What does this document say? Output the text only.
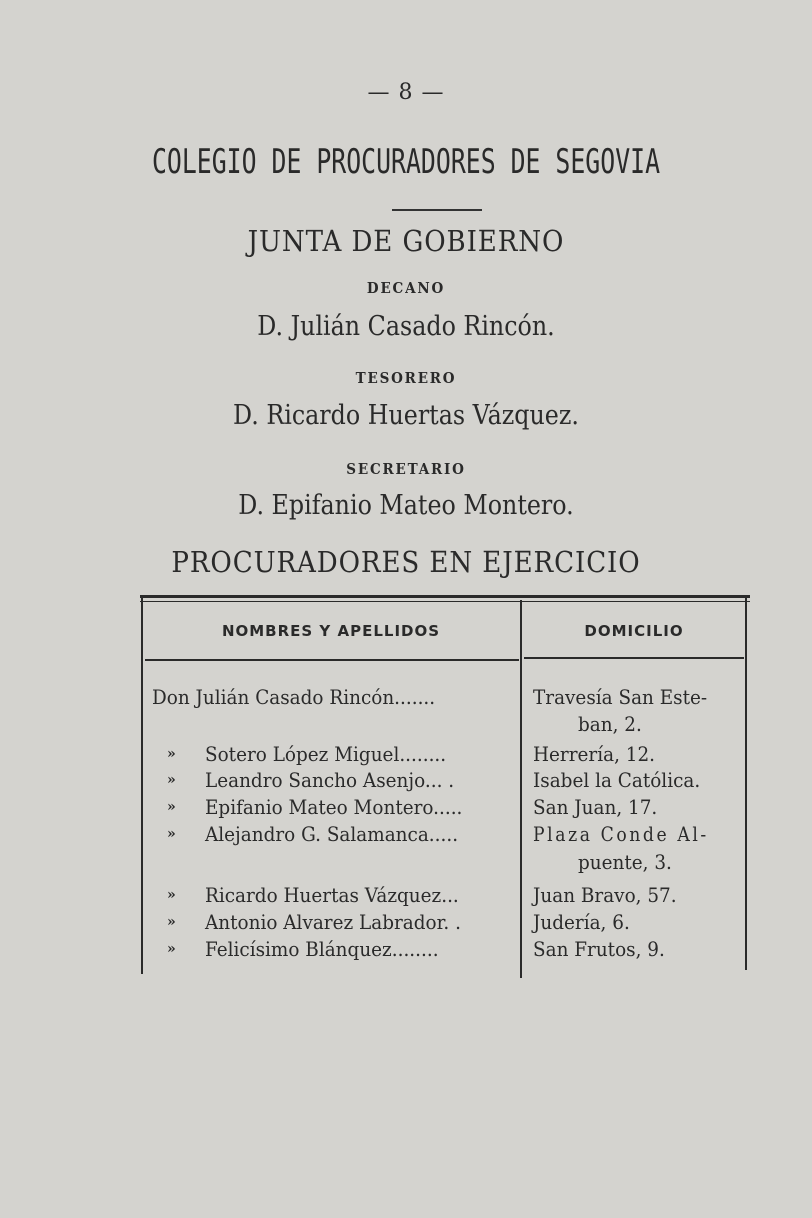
— 8 —
COLEGIO DE PROCURADORES DE SEGOVIA
JUNTA DE GOBIERNO
DECANO
D. Julián Casado Rincón.
TESORERO
D. Ricardo Huertas Vázquez.
SECRETARIO
D. Epifanio Mateo Montero.
PROCURADORES EN EJERCICIO
NOMBRES Y APELLIDOS	DOMICILIO
Don Julián Casado Rincón.......	Travesía San Este-
ban, 2.
» Sotero López Miguel........	Herrería, 12.
» Leandro Sancho Asenjo... .	Isabel la Católica.
» Epifanio Mateo Montero.....	San Juan, 17.
» Alejandro G. Salamanca.....	Plaza Conde Al-
puente, 3.
» Ricardo Huertas Vázquez...	Juan Bravo, 57.
» Antonio Alvarez Labrador. .	Judería, 6.
» Felicísimo Blánquez........	San Frutos, 9.
